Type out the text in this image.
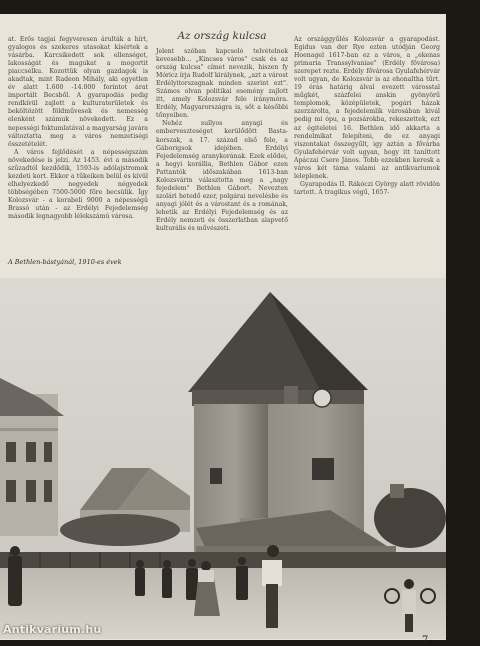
at. Erős tagjai fegyveresen árulták a hírt, gyalogos és szekeres utasokat kísértek a vásárba. Karcsikedett sok ellenséget, lakosságát és magukat a mogortit piaccsélku. Kozottük olyan gazdagok is akadtak, mint Radeon Mihály, aki egyetlen év alatt 1.600 -14.000 forintot árat importált Becsből. A gyarapodás pedig rendkívül zajlott a kulturaterületek és beköltözött földművesek és nemesség elenként számuk növekedett. Ez a nepességi foktumlatával a magyarság javára változtatta meg a város nemzetiségi összetételét.

A város fejlődését a népességszám növekedése is jelzi. Az 1453. évi a második szűzadtól kezdődik, 1593-is adólajstromok kezdeti kort. Ekkor a tűkeiken belül és kívül elhelyezkedő negyedek négyedek többségében 7500-5000 főre becsülik. Így Kolozsvár - a korabeli 9000 a népességű Brassó után - az Erdélyi Fejedelemség második legnagyobb lélekszámú városa.

Az ország kulcsa

Jelent szóban kapcsoló telvételnek kevesebb... „Kincses város" csak és az ország kulcsa" címet nevezik, hiszen fy Móricz írja Rudolf királynek, „azt a várost Erdélyitorszagnak minden szerint ezt". Számos olvan politikai esemény zajlott itt, amely Kolozsvár fele iránymóra. Erdély, Magyarországra is, sőt a későbbi tőnyeiben.

Nehéz sullyos anyagi és emberveszteséget kerülődött Basta-korszak, a 17. század első fele, a Gáborigsok idejében. Erdélyi Fejedelemség aranykorának. Ezek elődei, a hegyi korállia, Bethlen Gábor ezen Pattantók időszakában 1613-ban Kolozsvárin választotta meg a „nagy fejedelem" Bethlen Gábort. Nevezten szolári hetedő ezer, polgárai nevelésbe és anyagi jólét és a várostant és a romának, lehetik az Erdélyi Fejedelemség és az Erdély nemzeti és összerlatban alapvető kulturális és művészeti.

Az országgyűlés Kolozsvár a gyarapodást. Egidus van der Rye ezten utódján Georg Hoenagel 1617-ban ez a város, a „ekenas primaria Transsylvaniae" (Erdély fővárosa) szerepet rezte. Erdély fővárosa Gyulafehérvár volt ugyan, de Kolozsvár is az ehonaltha tűrt. 19 érás határig álval evezett városstal műgkét, százfelei anskin gyönyörű templomok, középületek, pogári házak szerzárolta, a fejedelemlik városában kivál pedig mi ópu, a pozsárokba, rekeszettek, ezt az égiteletei 16. Bethlen idő akkarta a rendelmikat felepíteni, de ez anyagi viszontakat összegyűlt, igy aztán a fővárba Gyulafehérvár volt ugyan, hogy itt taníttott Apáczai Csere János. Tobb ezzekben keresk a város két táma valami az antikvariumok leleplenek.

Gyarapodás II. Rákóczi György alatt rövidön tartott. A tragikus végű, 1657-

A Bethlen-bástyánál, 1910-es évek
7
Antikvarium.hu
